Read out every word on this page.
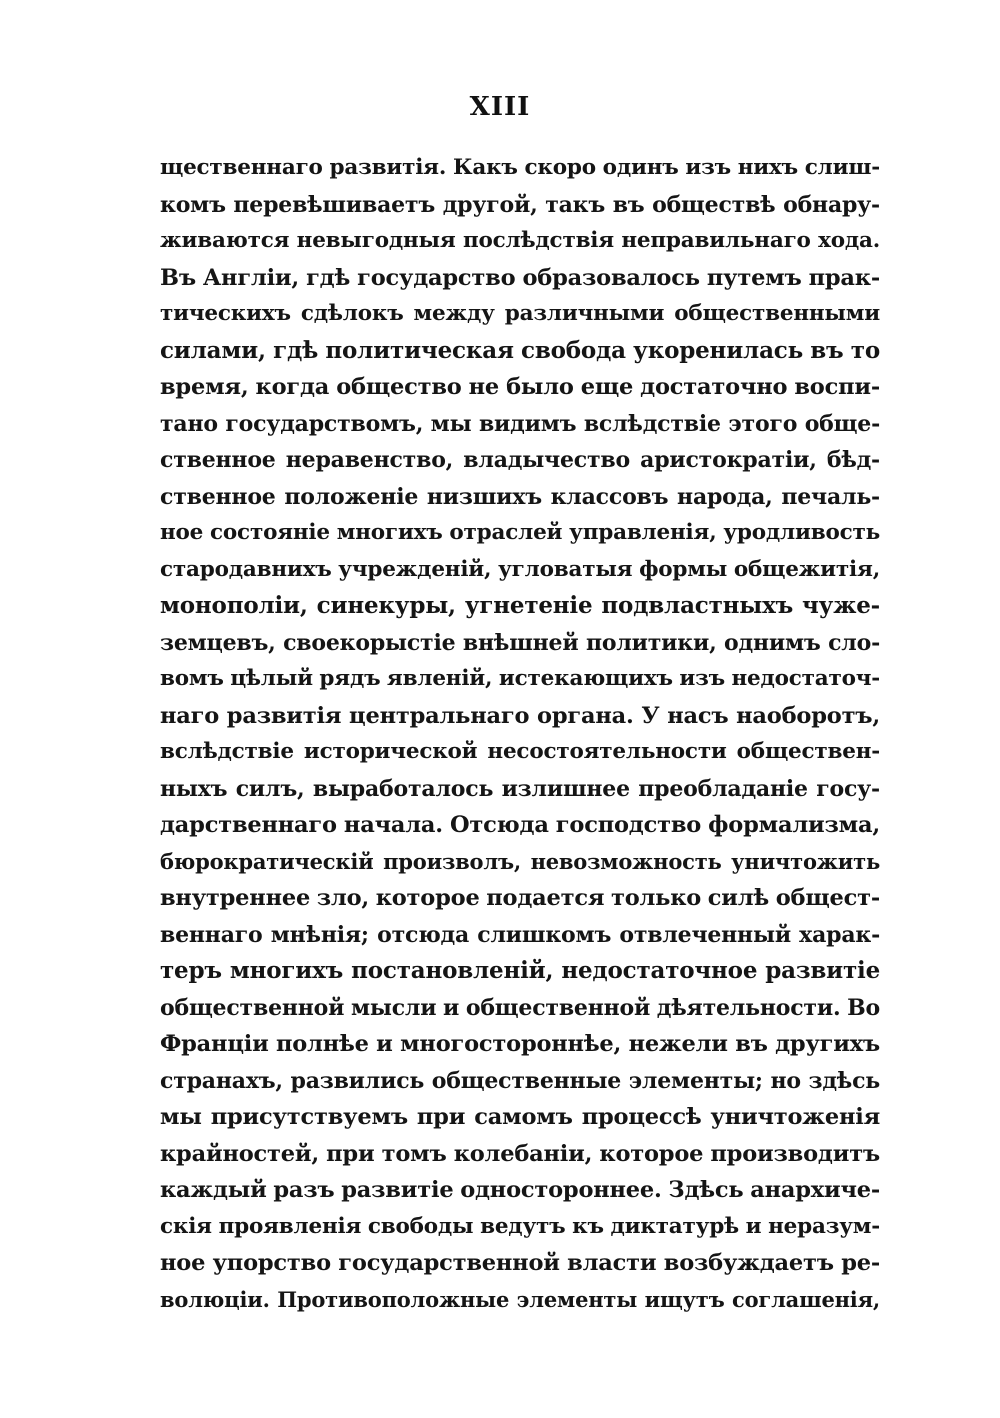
XIII
щественнаго развитія. Какъ скоро одинъ изъ нихъ слиш-
комъ перевѣшиваетъ другой, такъ въ обществѣ обнару-
живаются невыгодныя послѣдствія неправильнаго хода.
Въ Англіи, гдѣ государство образовалось путемъ прак-
тическихъ сдѣлокъ между различными общественными
силами, гдѣ политическая свобода укоренилась въ то
время, когда общество не было еще достаточно воспи-
тано государствомъ, мы видимъ вслѣдствіе этого обще-
ственное неравенство, владычество аристократіи, бѣд-
ственное положеніе низшихъ классовъ народа, печаль-
ное состояніе многихъ отраслей управленія, уродливость
стародавнихъ учрежденій, угловатыя формы общежитія,
монополіи, синекуры, угнетеніе подвластныхъ чуже-
земцевъ, своекорыстіе внѣшней политики, однимъ сло-
вомъ цѣлый рядъ явленій, истекающихъ изъ недостаточ-
наго развитія центральнаго органа. У насъ наоборотъ,
вслѣдствіе исторической несостоятельности обществен-
ныхъ силъ, выработалось излишнее преобладаніе госу-
дарственнаго начала. Отсюда господство формализма,
бюрократическій произволъ, невозможность уничтожить
внутреннее зло, которое подается только силѣ общест-
веннаго мнѣнія; отсюда слишкомъ отвлеченный харак-
теръ многихъ постановленій, недостаточное развитіе
общественной мысли и общественной дѣятельности. Во
Франціи полнѣе и многостороннѣе, нежели въ другихъ
странахъ, развились общественные элементы; но здѣсь
мы присутствуемъ при самомъ процессѣ уничтоженія
крайностей, при томъ колебаніи, которое производитъ
каждый разъ развитіе одностороннее. Здѣсь анархиче-
скія проявленія свободы ведутъ къ диктатурѣ и неразум-
ное упорство государственной власти возбуждаетъ ре-
волюціи. Противоположные элементы ищутъ соглашенія,
